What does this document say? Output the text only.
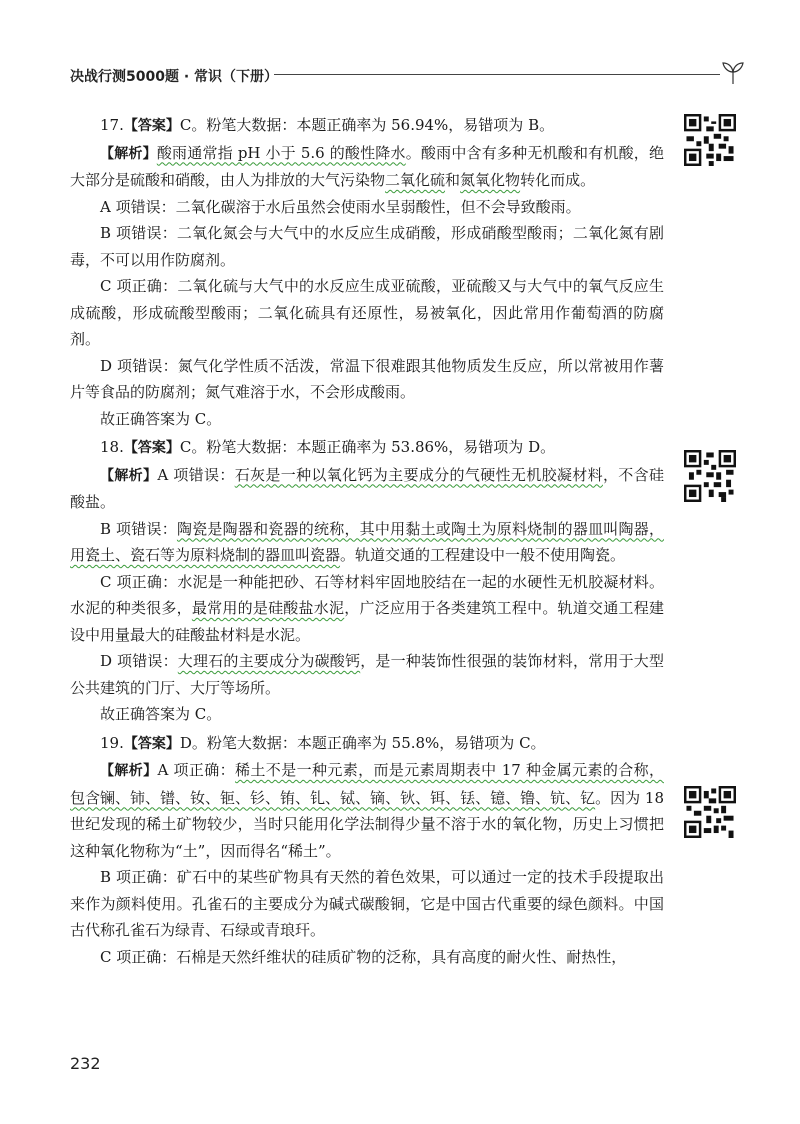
决战行测5000题 · 常识（下册）

17.【答案】C。粉笔大数据：本题正确率为 56.94%，易错项为 B。

【解析】酸雨通常指 pH 小于 5.6 的酸性降水。酸雨中含有多种无机酸和有机酸，绝大部分是硫酸和硝酸，由人为排放的大气污染物二氧化硫和氮氧化物转化而成。

A 项错误：二氧化碳溶于水后虽然会使雨水呈弱酸性，但不会导致酸雨。

B 项错误：二氧化氮会与大气中的水反应生成硝酸，形成硝酸型酸雨；二氧化氮有剧毒，不可以用作防腐剂。

C 项正确：二氧化硫与大气中的水反应生成亚硫酸，亚硫酸又与大气中的氧气反应生成硫酸，形成硫酸型酸雨；二氧化硫具有还原性，易被氧化，因此常用作葡萄酒的防腐剂。

D 项错误：氮气化学性质不活泼，常温下很难跟其他物质发生反应，所以常被用作薯片等食品的防腐剂；氮气难溶于水，不会形成酸雨。

故正确答案为 C。

18.【答案】C。粉笔大数据：本题正确率为 53.86%，易错项为 D。

【解析】A 项错误：石灰是一种以氧化钙为主要成分的气硬性无机胶凝材料，不含硅酸盐。

B 项错误：陶瓷是陶器和瓷器的统称，其中用黏土或陶土为原料烧制的器皿叫陶器，用瓷土、瓷石等为原料烧制的器皿叫瓷器。轨道交通的工程建设中一般不使用陶瓷。

C 项正确：水泥是一种能把砂、石等材料牢固地胶结在一起的水硬性无机胶凝材料。水泥的种类很多，最常用的是硅酸盐水泥，广泛应用于各类建筑工程中。轨道交通工程建设中用量最大的硅酸盐材料是水泥。

D 项错误：大理石的主要成分为碳酸钙，是一种装饰性很强的装饰材料，常用于大型公共建筑的门厅、大厅等场所。

故正确答案为 C。

19.【答案】D。粉笔大数据：本题正确率为 55.8%，易错项为 C。

【解析】A 项正确：稀土不是一种元素，而是元素周期表中 17 种金属元素的合称，包含镧、铈、镨、钕、钷、钐、铕、钆、铽、镝、钬、铒、铥、镱、镥、钪、钇。因为 18 世纪发现的稀土矿物较少，当时只能用化学法制得少量不溶于水的氧化物，历史上习惯把这种氧化物称为“土”，因而得名“稀土”。

B 项正确：矿石中的某些矿物具有天然的着色效果，可以通过一定的技术手段提取出来作为颜料使用。孔雀石的主要成分为碱式碳酸铜，它是中国古代重要的绿色颜料。中国古代称孔雀石为绿青、石绿或青琅玕。

C 项正确：石棉是天然纤维状的硅质矿物的泛称，具有高度的耐火性、耐热性，

232
